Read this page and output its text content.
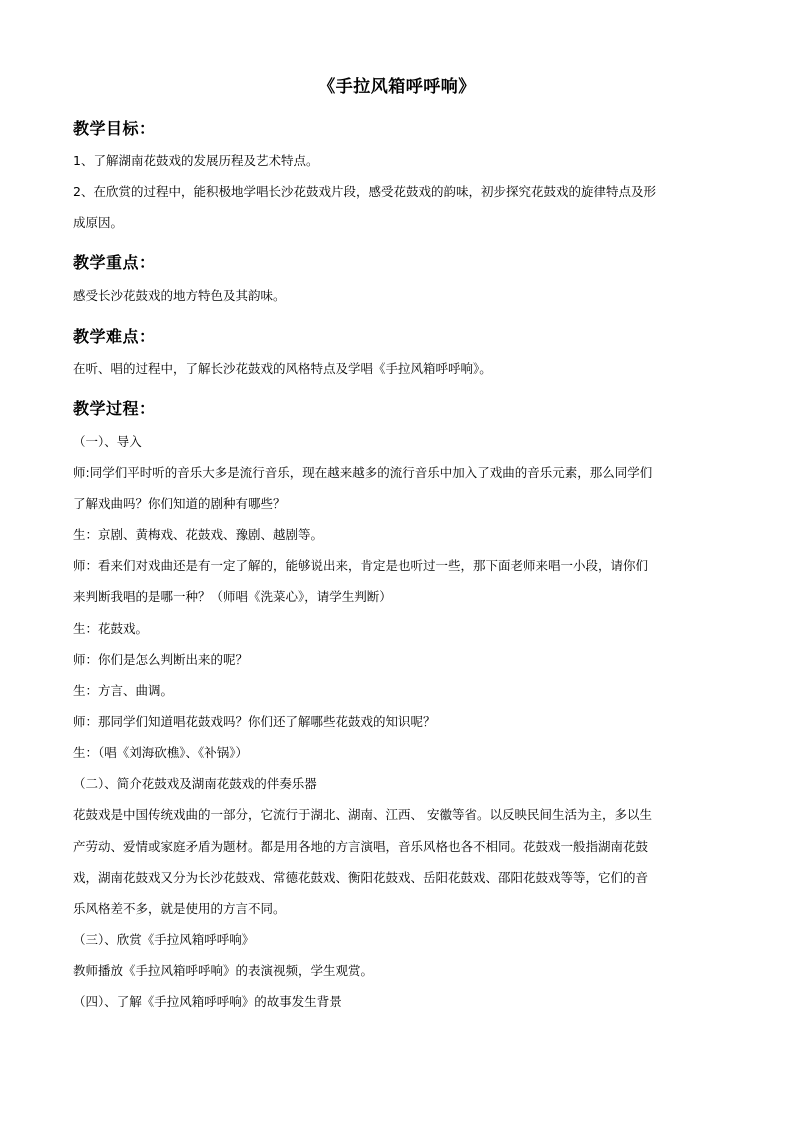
《手拉风箱呼呼响》
教学目标：
1、了解湖南花鼓戏的发展历程及艺术特点。
2、在欣赏的过程中，能积极地学唱长沙花鼓戏片段，感受花鼓戏的韵味，初步探究花鼓戏的旋律特点及形
成原因。
教学重点：
感受长沙花鼓戏的地方特色及其韵味。
教学难点：
在听、唱的过程中，了解长沙花鼓戏的风格特点及学唱《手拉风箱呼呼响》。
教学过程：
（一）、导入
师:同学们平时听的音乐大多是流行音乐，现在越来越多的流行音乐中加入了戏曲的音乐元素，那么同学们
了解戏曲吗？你们知道的剧种有哪些？
生：京剧、黄梅戏、花鼓戏、豫剧、越剧等。
师：看来们对戏曲还是有一定了解的，能够说出来，肯定是也听过一些，那下面老师来唱一小段，请你们
来判断我唱的是哪一种？（师唱《洗菜心》，请学生判断）
生：花鼓戏。
师：你们是怎么判断出来的呢？
生：方言、曲调。
师：那同学们知道唱花鼓戏吗？你们还了解哪些花鼓戏的知识呢？
生：（唱《刘海砍樵》、《补锅》）
（二）、简介花鼓戏及湖南花鼓戏的伴奏乐器
花鼓戏是中国传统戏曲的一部分，它流行于湖北、湖南、江西、 安徽等省。以反映民间生活为主，多以生
产劳动、爱情或家庭矛盾为题材。都是用各地的方言演唱，音乐风格也各不相同。花鼓戏一般指湖南花鼓
戏，湖南花鼓戏又分为长沙花鼓戏、常德花鼓戏、衡阳花鼓戏、岳阳花鼓戏、邵阳花鼓戏等等，它们的音
乐风格差不多，就是使用的方言不同。
（三）、欣赏《手拉风箱呼呼响》
教师播放《手拉风箱呼呼响》的表演视频，学生观赏。
（四）、了解《手拉风箱呼呼响》的故事发生背景
